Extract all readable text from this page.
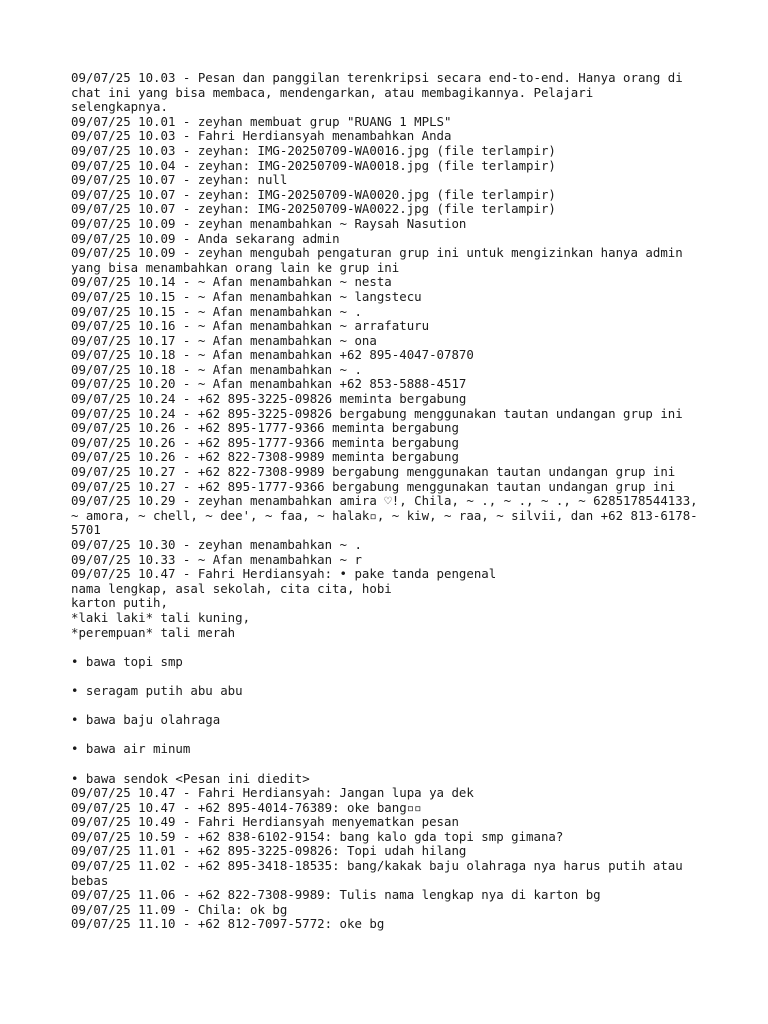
09/07/25 10.03 - Pesan dan panggilan terenkripsi secara end-to-end. Hanya orang di
chat ini yang bisa membaca, mendengarkan, atau membagikannya. Pelajari
selengkapnya.
09/07/25 10.01 - zeyhan membuat grup "RUANG 1 MPLS"
09/07/25 10.03 - Fahri Herdiansyah menambahkan Anda
09/07/25 10.03 - zeyhan: IMG-20250709-WA0016.jpg (file terlampir)
09/07/25 10.04 - zeyhan: IMG-20250709-WA0018.jpg (file terlampir)
09/07/25 10.07 - zeyhan: null
09/07/25 10.07 - zeyhan: IMG-20250709-WA0020.jpg (file terlampir)
09/07/25 10.07 - zeyhan: IMG-20250709-WA0022.jpg (file terlampir)
09/07/25 10.09 - zeyhan menambahkan ~ Raysah Nasution
09/07/25 10.09 - Anda sekarang admin
09/07/25 10.09 - zeyhan mengubah pengaturan grup ini untuk mengizinkan hanya admin
yang bisa menambahkan orang lain ke grup ini
09/07/25 10.14 - ~ Afan menambahkan ~ nesta
09/07/25 10.15 - ~ Afan menambahkan ~ langstecu
09/07/25 10.15 - ~ Afan menambahkan ~ .
09/07/25 10.16 - ~ Afan menambahkan ~ arrafaturu
09/07/25 10.17 - ~ Afan menambahkan ~ ona
09/07/25 10.18 - ~ Afan menambahkan +62 895-4047-07870
09/07/25 10.18 - ~ Afan menambahkan ~ .
09/07/25 10.20 - ~ Afan menambahkan +62 853-5888-4517
09/07/25 10.24 - +62 895-3225-09826 meminta bergabung
09/07/25 10.24 - +62 895-3225-09826 bergabung menggunakan tautan undangan grup ini
09/07/25 10.26 - +62 895-1777-9366 meminta bergabung
09/07/25 10.26 - +62 895-1777-9366 meminta bergabung
09/07/25 10.26 - +62 822-7308-9989 meminta bergabung
09/07/25 10.27 - +62 822-7308-9989 bergabung menggunakan tautan undangan grup ini
09/07/25 10.27 - +62 895-1777-9366 bergabung menggunakan tautan undangan grup ini
09/07/25 10.29 - zeyhan menambahkan amira ♡!, Chila, ~ ., ~ ., ~ ., ~ 6285178544133,
~ amora, ~ chell, ~ dee', ~ faa, ~ halak▫, ~ kiw, ~ raa, ~ silvii, dan +62 813-6178-
5701
09/07/25 10.30 - zeyhan menambahkan ~ .
09/07/25 10.33 - ~ Afan menambahkan ~ r
09/07/25 10.47 - Fahri Herdiansyah: • pake tanda pengenal
nama lengkap, asal sekolah, cita cita, hobi
karton putih,
*laki laki* tali kuning,
*perempuan* tali merah
• bawa topi smp
• seragam putih abu abu
• bawa baju olahraga
• bawa air minum
• bawa sendok <Pesan ini diedit>
09/07/25 10.47 - Fahri Herdiansyah: Jangan lupa ya dek
09/07/25 10.47 - +62 895-4014-76389: oke bang▫▫
09/07/25 10.49 - Fahri Herdiansyah menyematkan pesan
09/07/25 10.59 - +62 838-6102-9154: bang kalo gda topi smp gimana?
09/07/25 11.01 - +62 895-3225-09826: Topi udah hilang
09/07/25 11.02 - +62 895-3418-18535: bang/kakak baju olahraga nya harus putih atau
bebas
09/07/25 11.06 - +62 822-7308-9989: Tulis nama lengkap nya di karton bg
09/07/25 11.09 - Chila: ok bg
09/07/25 11.10 - +62 812-7097-5772: oke bg
